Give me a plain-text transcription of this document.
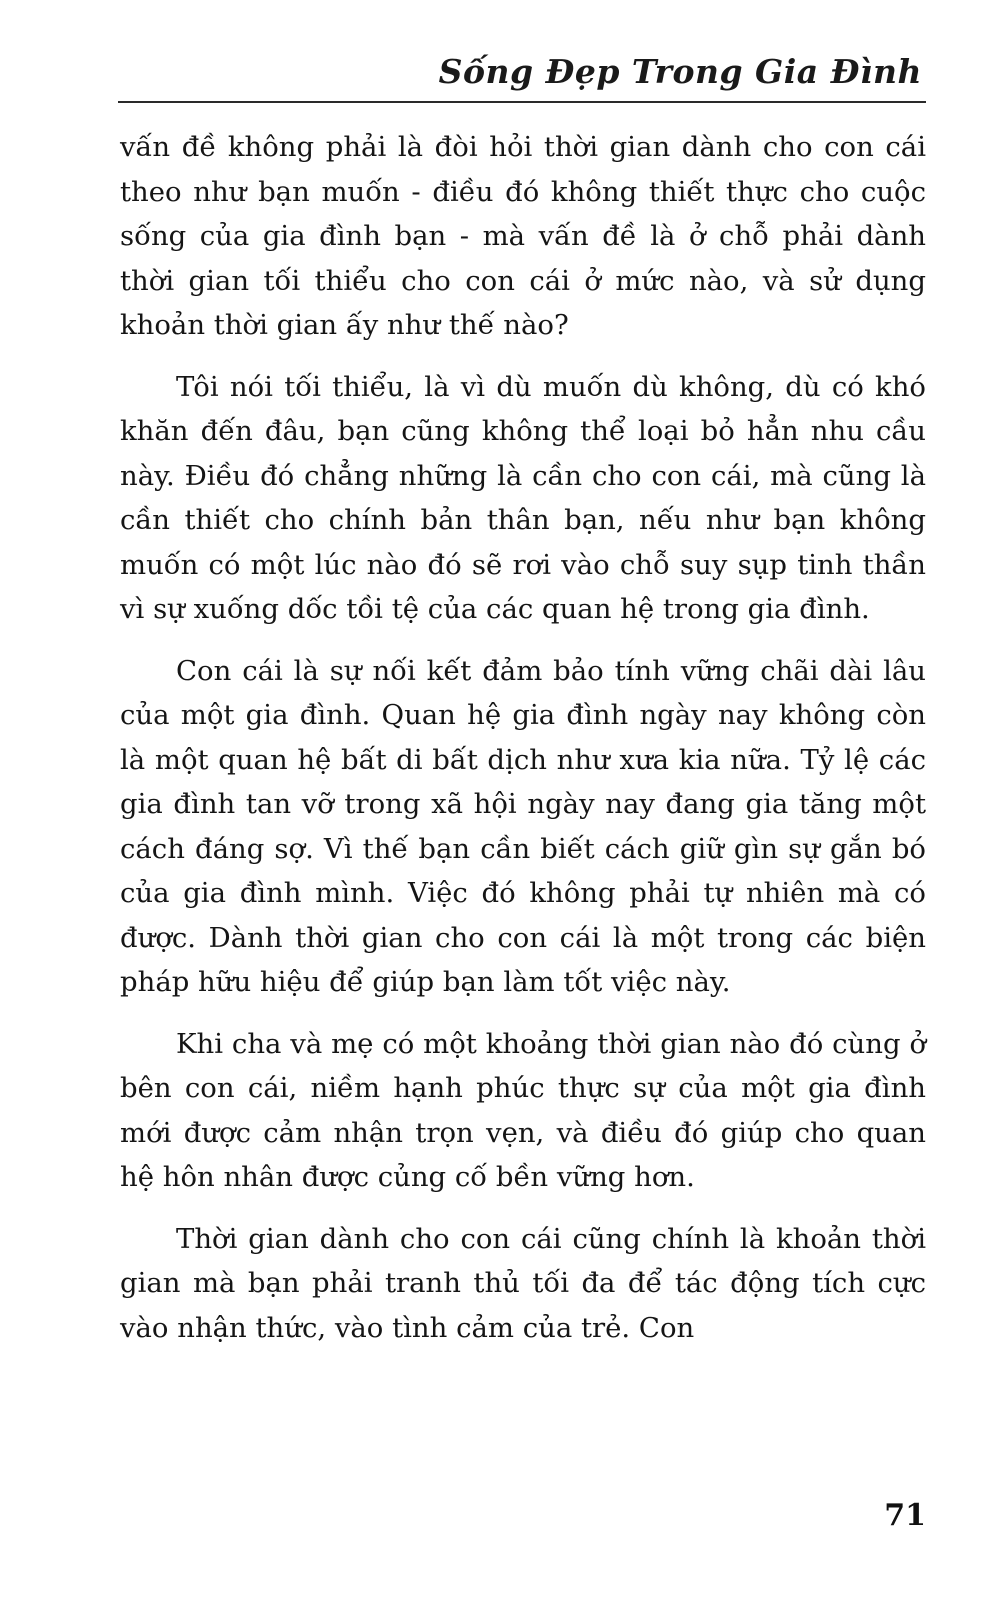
Sống Đẹp Trong Gia Đình

vấn đề không phải là đòi hỏi thời gian dành cho con cái theo như bạn muốn - điều đó không thiết thực cho cuộc sống của gia đình bạn - mà vấn đề là ở chỗ phải dành thời gian tối thiểu cho con cái ở mức nào, và sử dụng khoản thời gian ấy như thế nào?

Tôi nói tối thiểu, là vì dù muốn dù không, dù có khó khăn đến đâu, bạn cũng không thể loại bỏ hẳn nhu cầu này. Điều đó chẳng những là cần cho con cái, mà cũng là cần thiết cho chính bản thân bạn, nếu như bạn không muốn có một lúc nào đó sẽ rơi vào chỗ suy sụp tinh thần vì sự xuống dốc tồi tệ của các quan hệ trong gia đình.

Con cái là sự nối kết đảm bảo tính vững chãi dài lâu của một gia đình. Quan hệ gia đình ngày nay không còn là một quan hệ bất di bất dịch như xưa kia nữa. Tỷ lệ các gia đình tan vỡ trong xã hội ngày nay đang gia tăng một cách đáng sợ. Vì thế bạn cần biết cách giữ gìn sự gắn bó của gia đình mình. Việc đó không phải tự nhiên mà có được. Dành thời gian cho con cái là một trong các biện pháp hữu hiệu để giúp bạn làm tốt việc này.

Khi cha và mẹ có một khoảng thời gian nào đó cùng ở bên con cái, niềm hạnh phúc thực sự của một gia đình mới được cảm nhận trọn vẹn, và điều đó giúp cho quan hệ hôn nhân được củng cố bền vững hơn.

Thời gian dành cho con cái cũng chính là khoản thời gian mà bạn phải tranh thủ tối đa để tác động tích cực vào nhận thức, vào tình cảm của trẻ. Con

71
